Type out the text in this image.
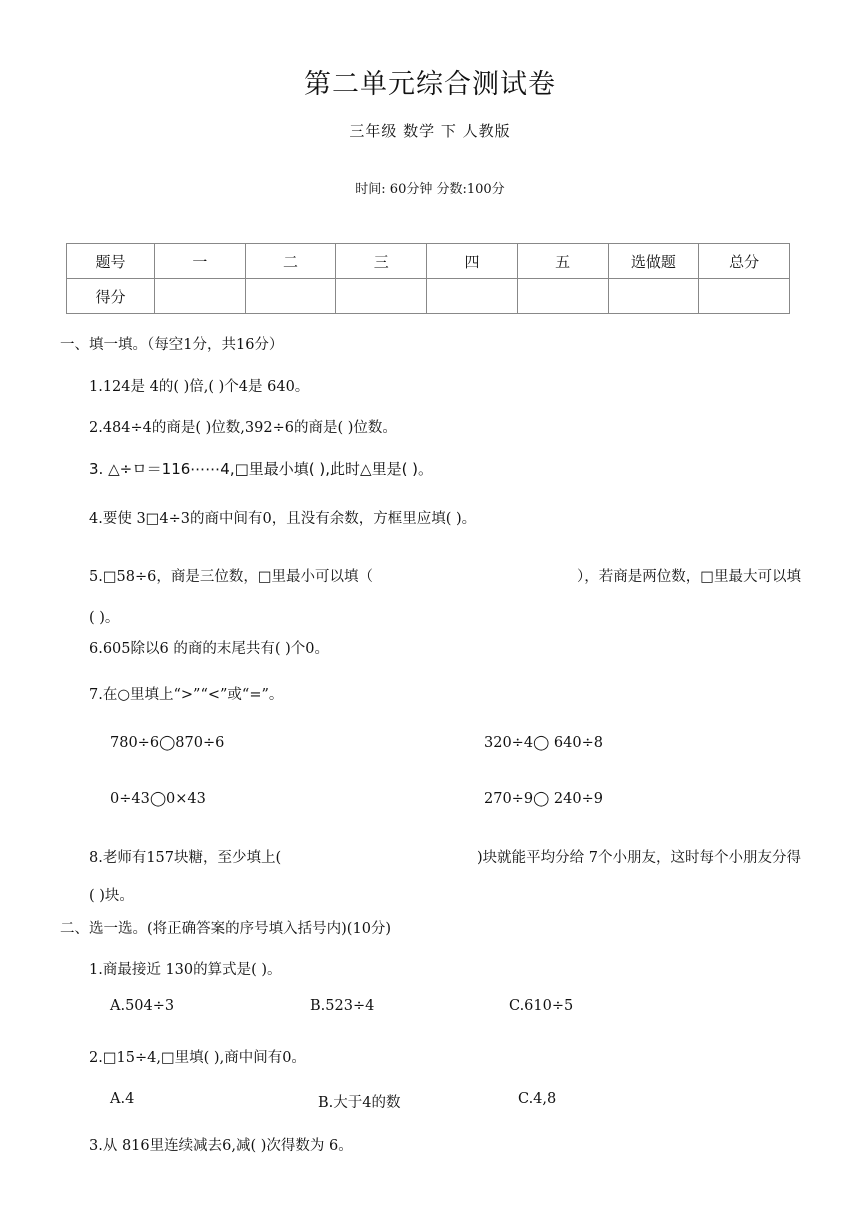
第二单元综合测试卷
三年级 数学 下 人教版
时间: 60分钟 分数:100分
题号	一	二	三	四	五	选做题	总分
得分							
一、填一填。（每空1分，共16分）
1.124是 4的( )倍,( )个4是 640。
2.484÷4的商是( )位数,392÷6的商是( )位数。
3. △÷ㅁ＝116⋯⋯4,□里最小填( ),此时△里是( )。
4.要使 3□4÷3的商中间有0，且没有余数，方框里应填( )。
5.□58÷6，商是三位数，□里最小可以填（	），若商是两位数，□里最大可以填
( )。
6.605除以6 的商的末尾共有( )个0。
7.在○里填上“>”“<”或“=”。
780÷6◯870÷6	320÷4◯ 640÷8
0÷43◯0×43	270÷9◯ 240÷9
8.老师有157块糖，至少填上(	)块就能平均分给 7个小朋友，这时每个小朋友分得
( )块。
二、选一选。(将正确答案的序号填入括号内)(10分)
1.商最接近 130的算式是( )。
A.504÷3	B.523÷4	C.610÷5
2.□15÷4,□里填( ),商中间有0。
A.4	B.大于4的数	C.4,8
3.从 816里连续减去6,减( )次得数为 6。
